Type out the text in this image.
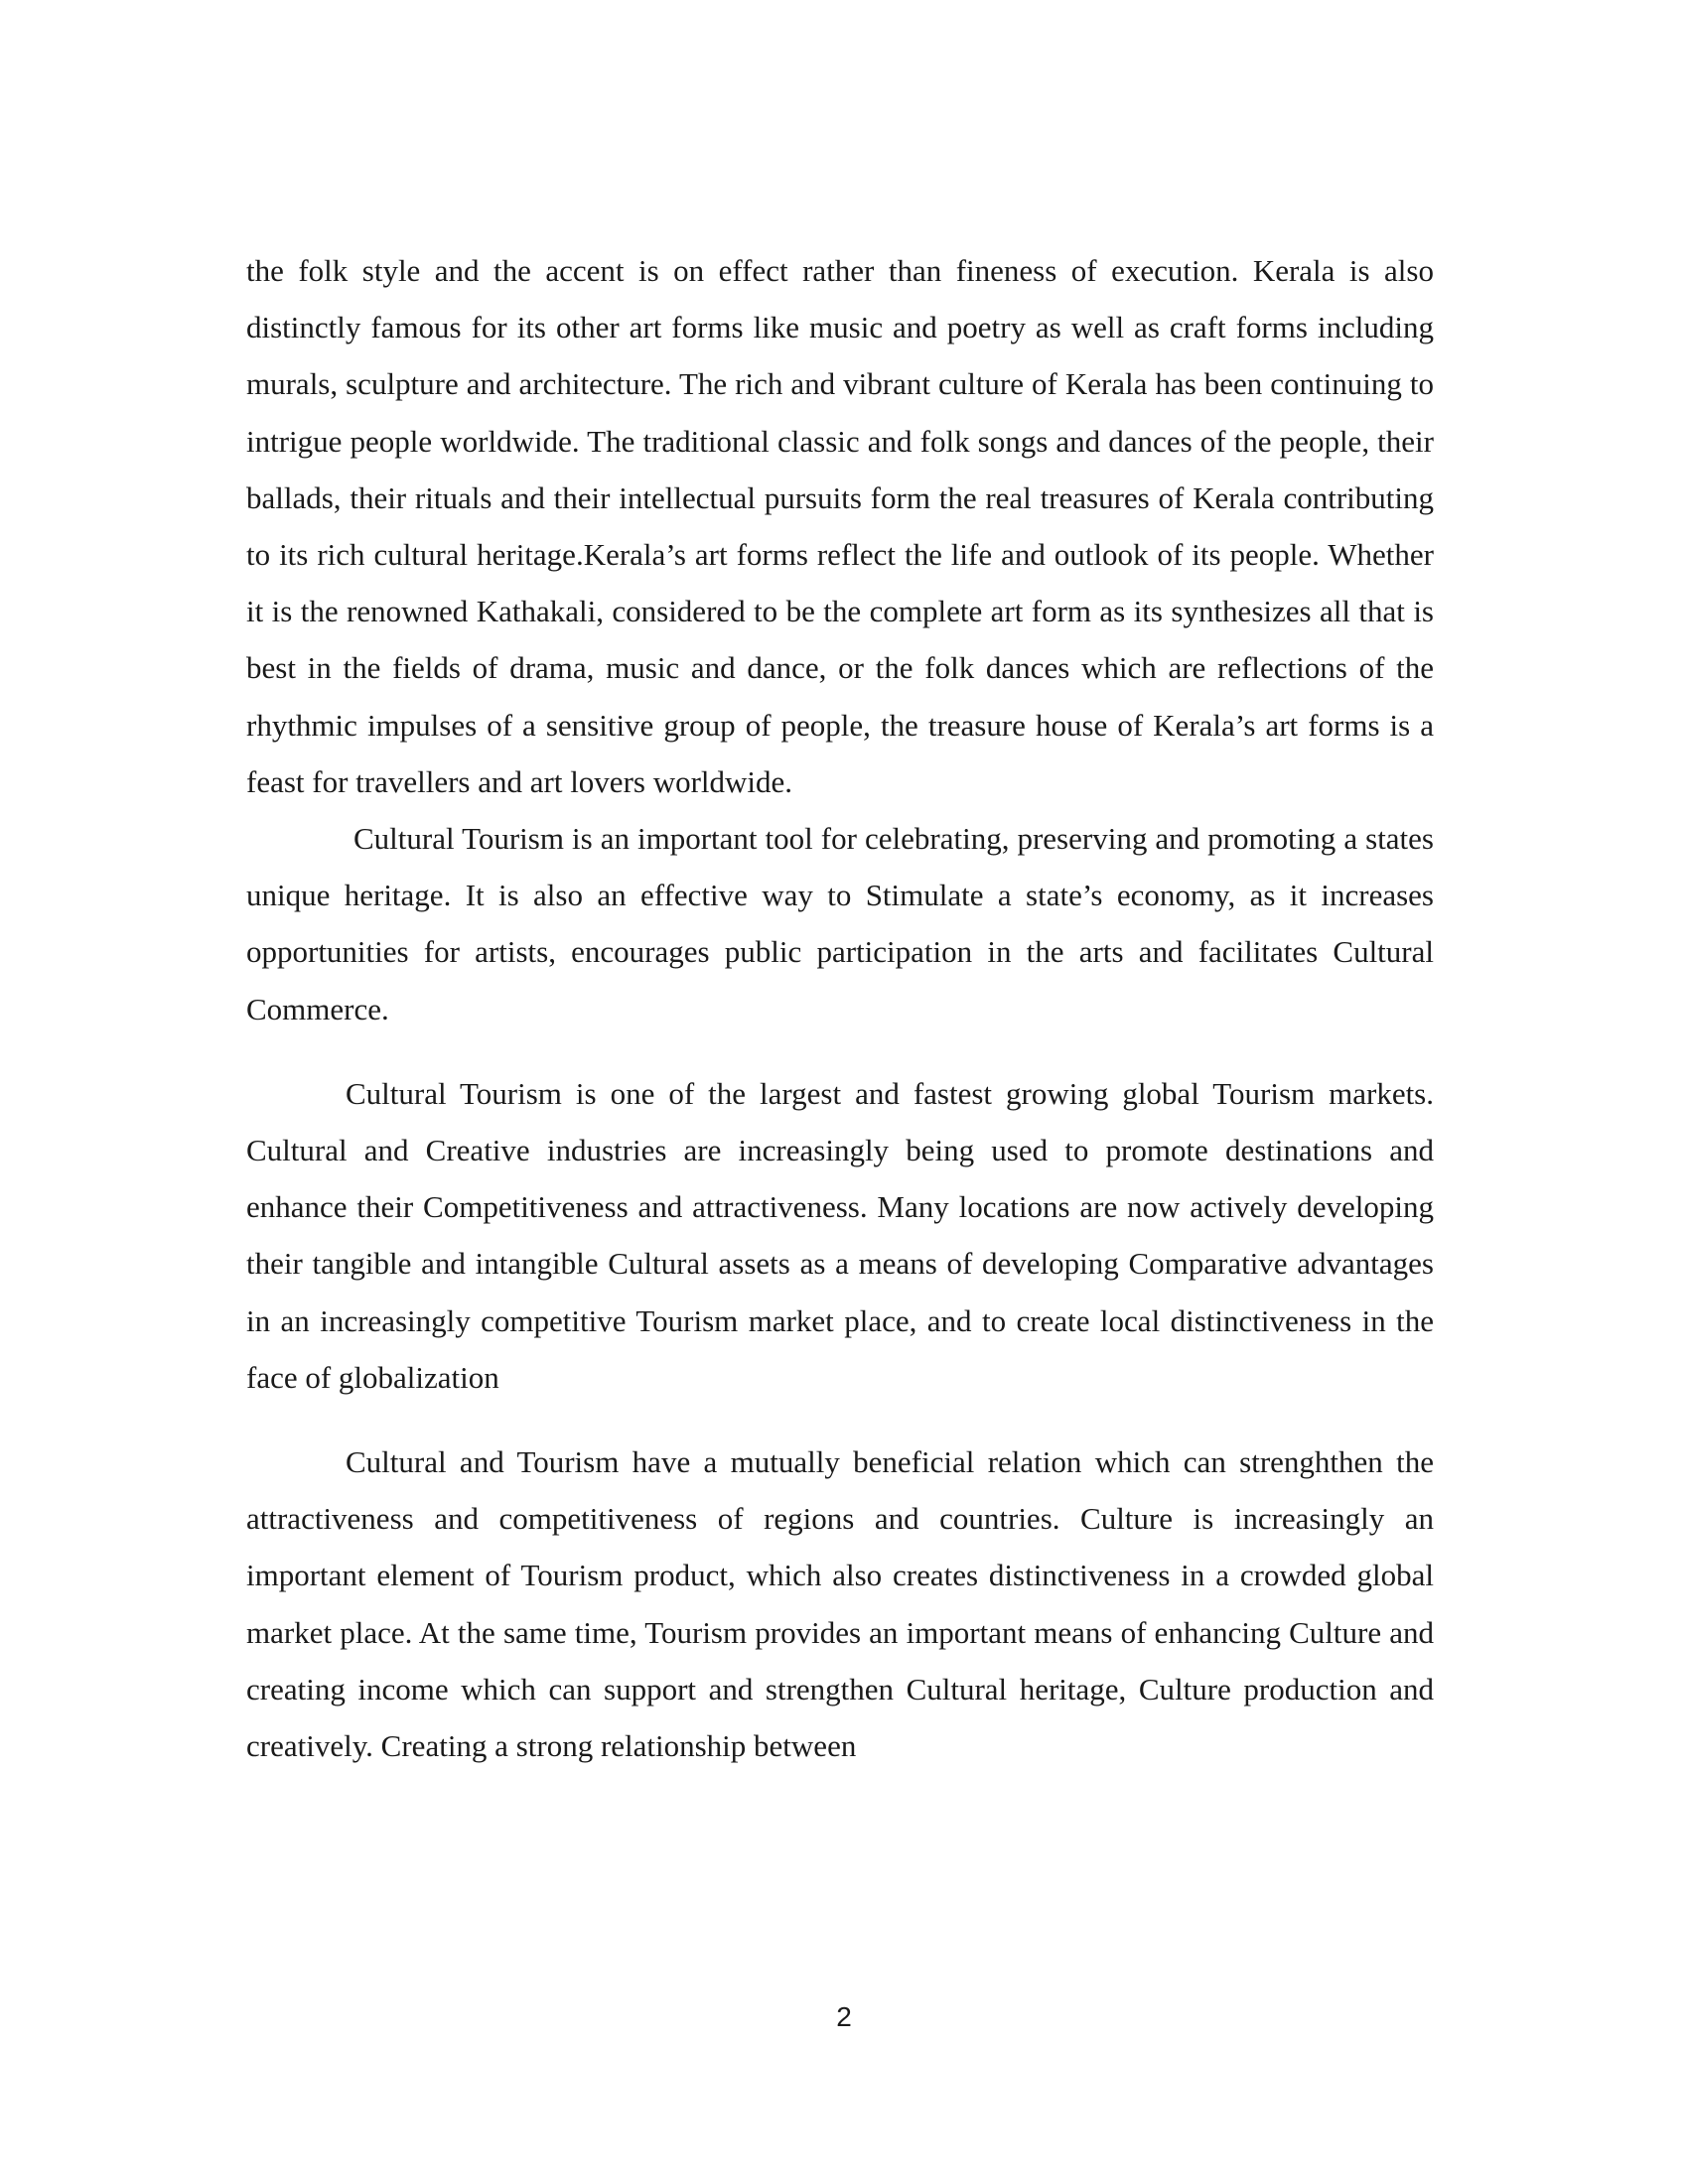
the folk style and the accent is on effect rather than fineness of execution. Kerala is also distinctly famous for its other art forms like music and poetry as well as craft forms including murals, sculpture and architecture. The rich and vibrant culture of Kerala has been continuing to intrigue people worldwide. The traditional classic and folk songs and dances of the people, their ballads, their rituals and their intellectual pursuits form the real treasures of Kerala contributing to its rich cultural heritage.Kerala’s art forms reflect the life and outlook of its people. Whether it is the renowned Kathakali, considered to be the complete art form as its synthesizes all that is best in the fields of drama, music and dance, or the folk dances which are reflections of the rhythmic impulses of a sensitive group of people, the treasure house of Kerala’s art forms is a feast for travellers and art lovers worldwide.

Cultural Tourism is an important tool for celebrating, preserving and promoting a states unique heritage. It is also an effective way to Stimulate a state’s economy, as it increases opportunities for artists, encourages public participation in the arts and facilitates Cultural Commerce.

Cultural Tourism is one of the largest and fastest growing global Tourism markets. Cultural and Creative industries are increasingly being used to promote destinations and enhance their Competitiveness and attractiveness. Many locations are now actively developing their tangible and intangible Cultural assets as a means of developing Comparative advantages in an increasingly competitive Tourism market place, and to create local distinctiveness in the face of globalization

Cultural and Tourism have a mutually beneficial relation which can strenghthen the attractiveness and competitiveness of regions and countries. Culture is increasingly an important element of Tourism product, which also creates distinctiveness in a crowded global market place. At the same time, Tourism provides an important means of enhancing Culture and creating income which can support and strengthen Cultural heritage, Culture production and creatively. Creating a strong relationship between

2
